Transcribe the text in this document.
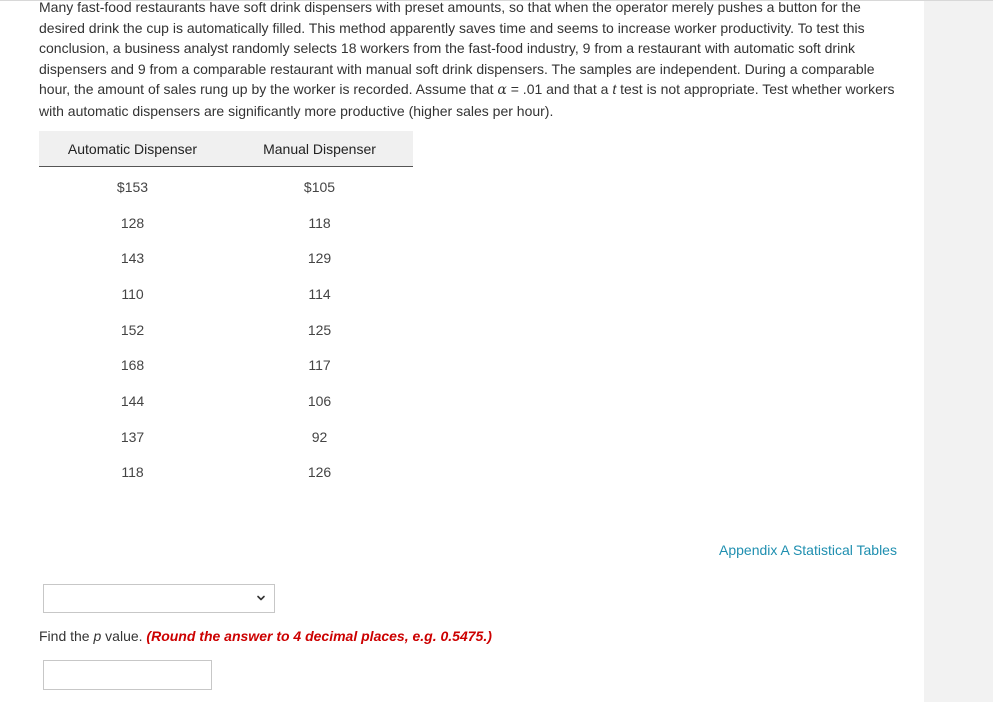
Many fast-food restaurants have soft drink dispensers with preset amounts, so that when the operator merely pushes a button for the desired drink the cup is automatically filled. This method apparently saves time and seems to increase worker productivity. To test this conclusion, a business analyst randomly selects 18 workers from the fast-food industry, 9 from a restaurant with automatic soft drink dispensers and 9 from a comparable restaurant with manual soft drink dispensers. The samples are independent. During a comparable hour, the amount of sales rung up by the worker is recorded. Assume that α = .01 and that a t test is not appropriate. Test whether workers with automatic dispensers are significantly more productive (higher sales per hour).
Automatic Dispenser	Manual Dispenser
$153	$105
128	118
143	129
110	114
152	125
168	117
144	106
137	92
118	126
Appendix A Statistical Tables
Find the p value. (Round the answer to 4 decimal places, e.g. 0.5475.)
